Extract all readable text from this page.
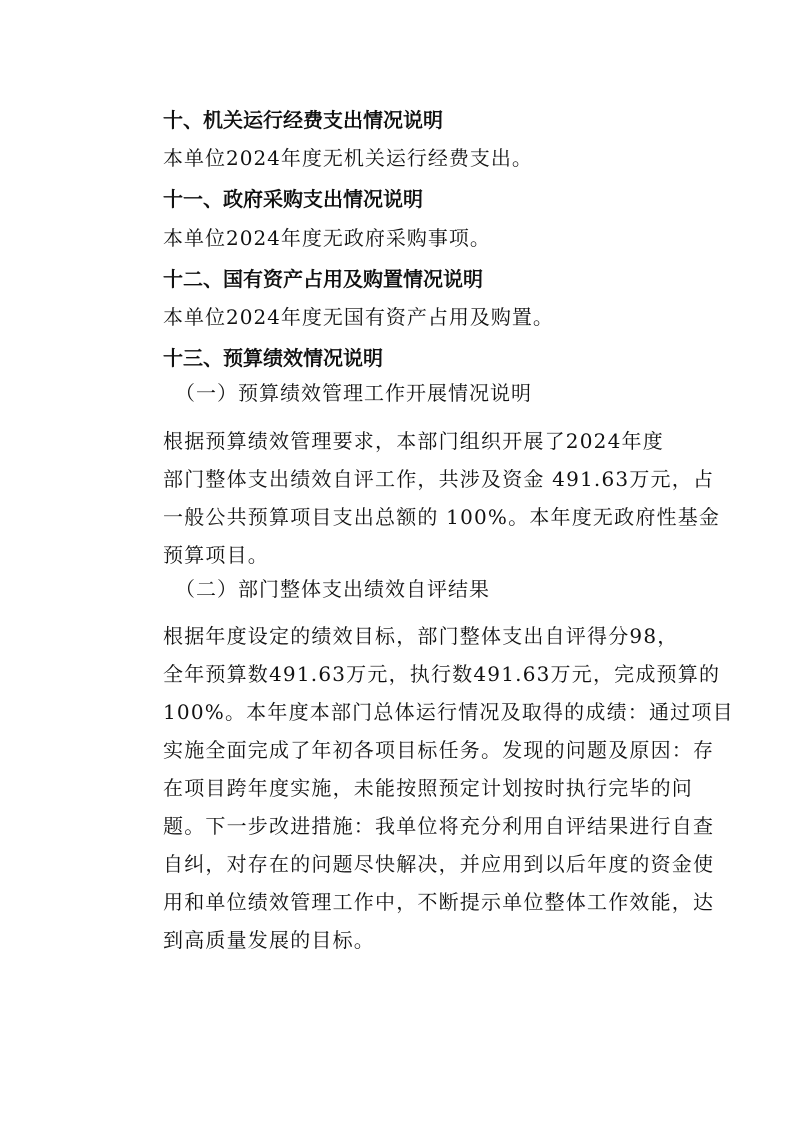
十、机关运行经费支出情况说明
本单位2024年度无机关运行经费支出。
十一、政府采购支出情况说明
本单位2024年度无政府采购事项。
十二、国有资产占用及购置情况说明
本单位2024年度无国有资产占用及购置。
十三、预算绩效情况说明
（一）预算绩效管理工作开展情况说明
根据预算绩效管理要求，本部门组织开展了2024年度
部门整体支出绩效自评工作，共涉及资金 491.63万元，占
一般公共预算项目支出总额的 100%。本年度无政府性基金
预算项目。
（二）部门整体支出绩效自评结果
根据年度设定的绩效目标，部门整体支出自评得分98，
全年预算数491.63万元，执行数491.63万元，完成预算的
100%。本年度本部门总体运行情况及取得的成绩：通过项目
实施全面完成了年初各项目标任务。发现的问题及原因：存
在项目跨年度实施，未能按照预定计划按时执行完毕的问
题。下一步改进措施：我单位将充分利用自评结果进行自查
自纠，对存在的问题尽快解决，并应用到以后年度的资金使
用和单位绩效管理工作中，不断提示单位整体工作效能，达
到高质量发展的目标。
